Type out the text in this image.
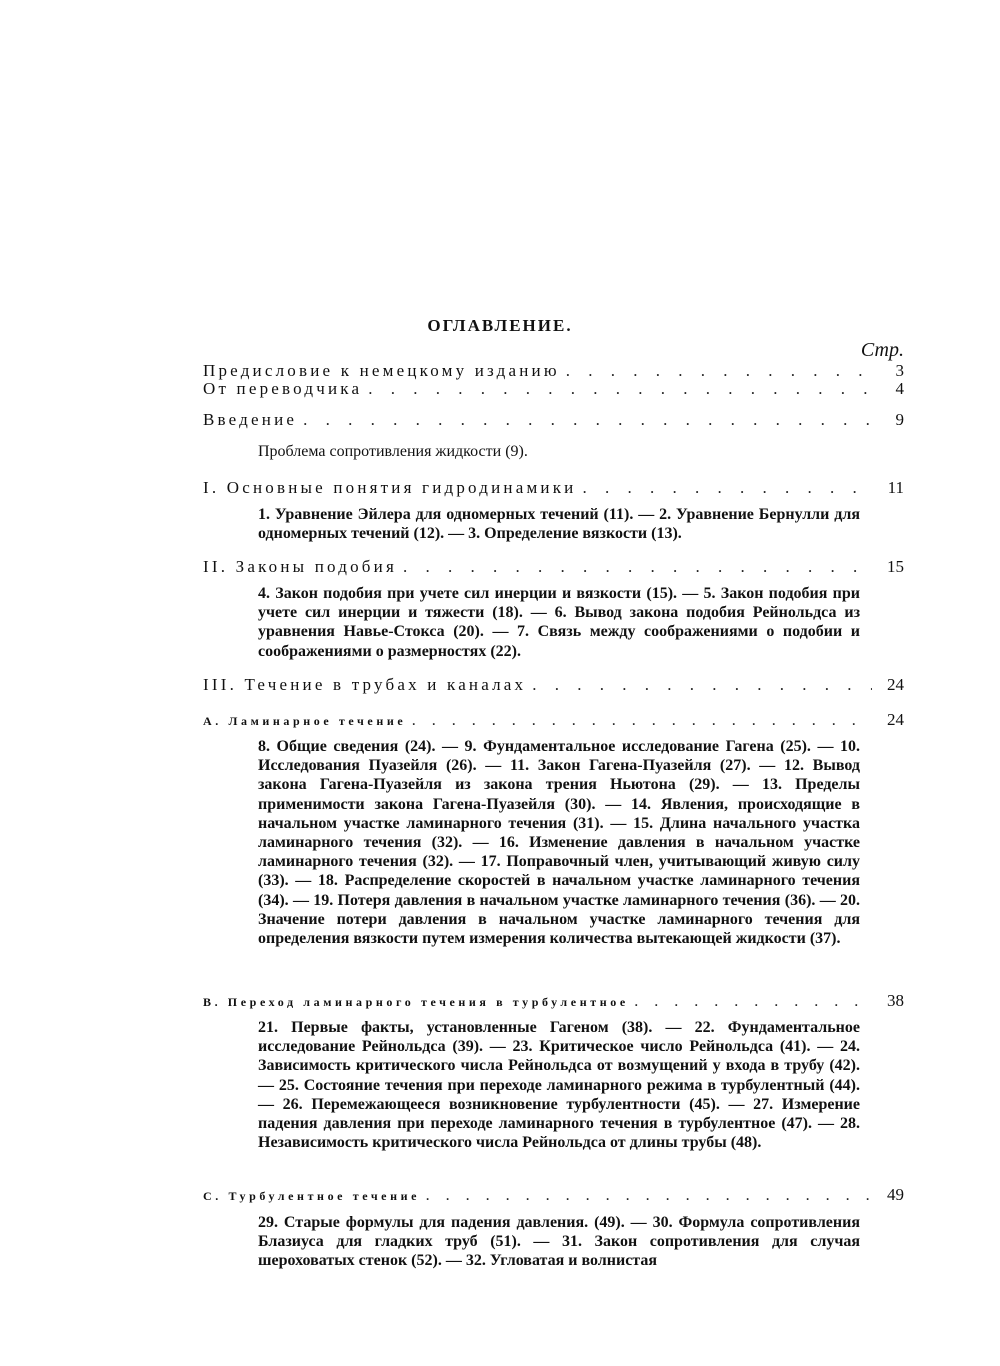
ОГЛАВЛЕНИЕ.
Стр.
Предисловие к немецкому изданию . . .	3
От переводчика . . .	4
Введение . . .	9
Проблема сопротивления жидкости (9).
I. Основные понятия гидродинамики . . .	11
1. Уравнение Эйлера для одномерных течений (11). — 2. Уравнение Бернулли для одномерных течений (12). — 3. Определение вязкости (13).
II. Законы подобия . . .	15
4. Закон подобия при учете сил инерции и вязкости (15). — 5. Закон подобия при учете сил инерции и тяжести (18). — 6. Вывод закона подобия Рейнольдса из уравнения Навье-Стокса (20). — 7. Связь между соображениями о подобии и соображениями о размерностях (22).
III. Течение в трубах и каналах . . .	24
A. Ламинарное течение . . .	24
8. Общие сведения (24). — 9. Фундаментальное исследование Гагена (25). — 10. Исследования Пуазейля (26). — 11. Закон Гагена-Пуазейля (27). — 12. Вывод закона Гагена-Пуазейля из закона трения Ньютона (29). — 13. Пределы применимости закона Гагена-Пуазейля (30). — 14. Явления, происходящие в начальном участке ламинарного течения (31). — 15. Длина начального участка ламинарного течения (32). — 16. Изменение давления в начальном участке ламинарного течения (32). — 17. Поправочный член, учитывающий живую силу (33). — 18. Распределение скоростей в начальном участке ламинарного течения (34). — 19. Потеря давления в начальном участке ламинарного течения (36). — 20. Значение потери давления в начальном участке ламинарного течения для определения вязкости путем измерения количества вытекающей жидкости (37).
B. Переход ламинарного течения в турбулентное . . .	38
21. Первые факты, установленные Гагеном (38). — 22. Фундаментальное исследование Рейнольдса (39). — 23. Критическое число Рейнольдса (41). — 24. Зависимость критического числа Рейнольдса от возмущений у входа в трубу (42). — 25. Состояние течения при переходе ламинарного режима в турбулентный (44). — 26. Перемежающееся возникновение турбулентности (45). — 27. Измерение падения давления при переходе ламинарного течения в турбулентное (47). — 28. Независимость критического числа Рейнольдса от длины трубы (48).
C. Турбулентное течение . . .	49
29. Старые формулы для падения давления. (49). — 30. Формула сопротивления Блазиуса для гладких труб (51). — 31. Закон сопротивления для случая шероховатых стенок (52). — 32. Угловатая и волнистая
